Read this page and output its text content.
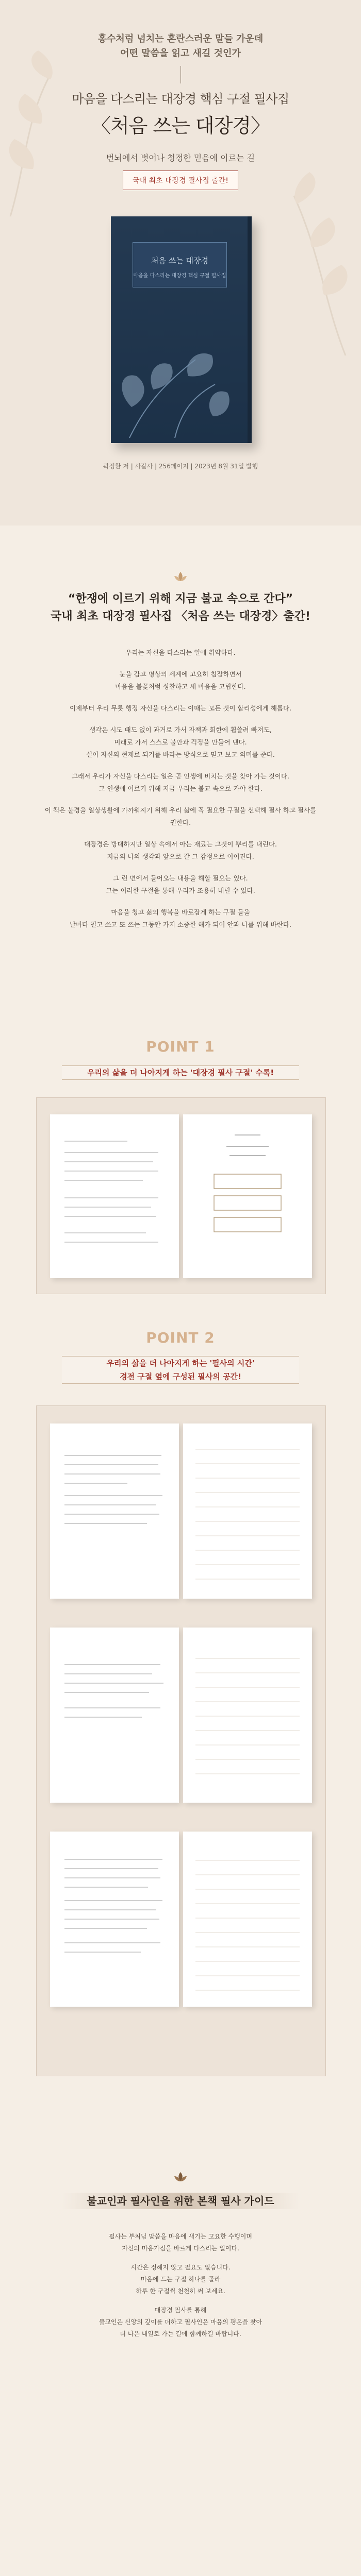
홍수처럼 넘치는 혼란스러운 말들 가운데
어떤 말씀을 읽고 새길 것인가
마음을 다스리는 대장경 핵심 구절 필사집
〈처음 쓰는 대장경〉
번뇌에서 벗어나 청정한 믿음에 이르는 길
국내 최초 대장경 필사집 출간!
처음 쓰는 대장경
마음을 다스리는 대장경 핵심 구절 필사집
곽정환 저 | 사갈사 | 256페이지 | 2023년 8월 31일 발행
“한쟁에 이르기 위해 지금 불교 속으로 간다”
국내 최초 대장경 필사집 〈처음 쓰는 대장경〉출간!

우리는 자신을 다스리는 일에 취약하다.

눈을 감고 명상의 세계에 고요히 침잠하면서
마음을 불꽃처럼 성찰하고 새 마음을 고립한다.

이제부터 우리 무릇 행정 자신을 다스리는 이때는 모든 것이 합리성에게 해롭다.

생각은 시도 때도 없이 과거로 가서 자책과 회한에 휩쓸려 빠져도,
미래로 가서 스스로 불안과 걱정을 만들어 낸다.
실이 자신의 현재로 되기를 바라는 방식으로 믿고 보고 의미를 준다.

그래서 우리가 자신을 다스리는 일은 곧 인생에 비치는 것을 찾아 가는 것이다.
그 인생에 이르기 위해 지금 우리는 불교 속으로 가야 한다.

이 책은 불경을 일상생활에 가까워지기 위해 우리 삶에 꼭 필요한 구절을 선택해 필사 하고 필사를 권한다.

대장경은 방대하지만 일상 속에서 아는 재료는 그것이 뿌리를 내린다.
지금의 나의 생각과 앞으로 갈 그 감정으로 이어진다.

그 런 면에서 들어오는 내용을 해할 필요는 있다.
그는 이러한 구절을 통해 우리가 조용히 내릴 수 있다.

마음을 청고 삶의 행복을 바로잡게 하는 구절 들을
날마다 필고 쓰고 또 쓰는 그동안 가지 소중한 해가 되어 안과 나를 위해 바란다.

POINT 1
우리의 삶을 더 나아지게 하는 '대장경 필사 구절' 수록!
POINT 2
우리의 삶을 더 나아지게 하는 '필사의 시간'
경전 구절 옆에 구성된 필사의 공간!
불교인과 필사인을 위한 본책 필사 가이드

필사는 부처님 말씀을 마음에 새기는 고요한 수행이며
자신의 마음가짐을 바르게 다스리는 일이다.

시간은 정해지 않고 필요도 없습니다.
마음에 드는 구절 하나를 골라
하루 한 구절씩 천천히 써 보세요.

대장경 필사를 통해
불교인은 신앙의 깊이를 더하고 필사인은 마음의 평온을 찾아
더 나은 내일로 가는 길에 함께하길 바랍니다.
